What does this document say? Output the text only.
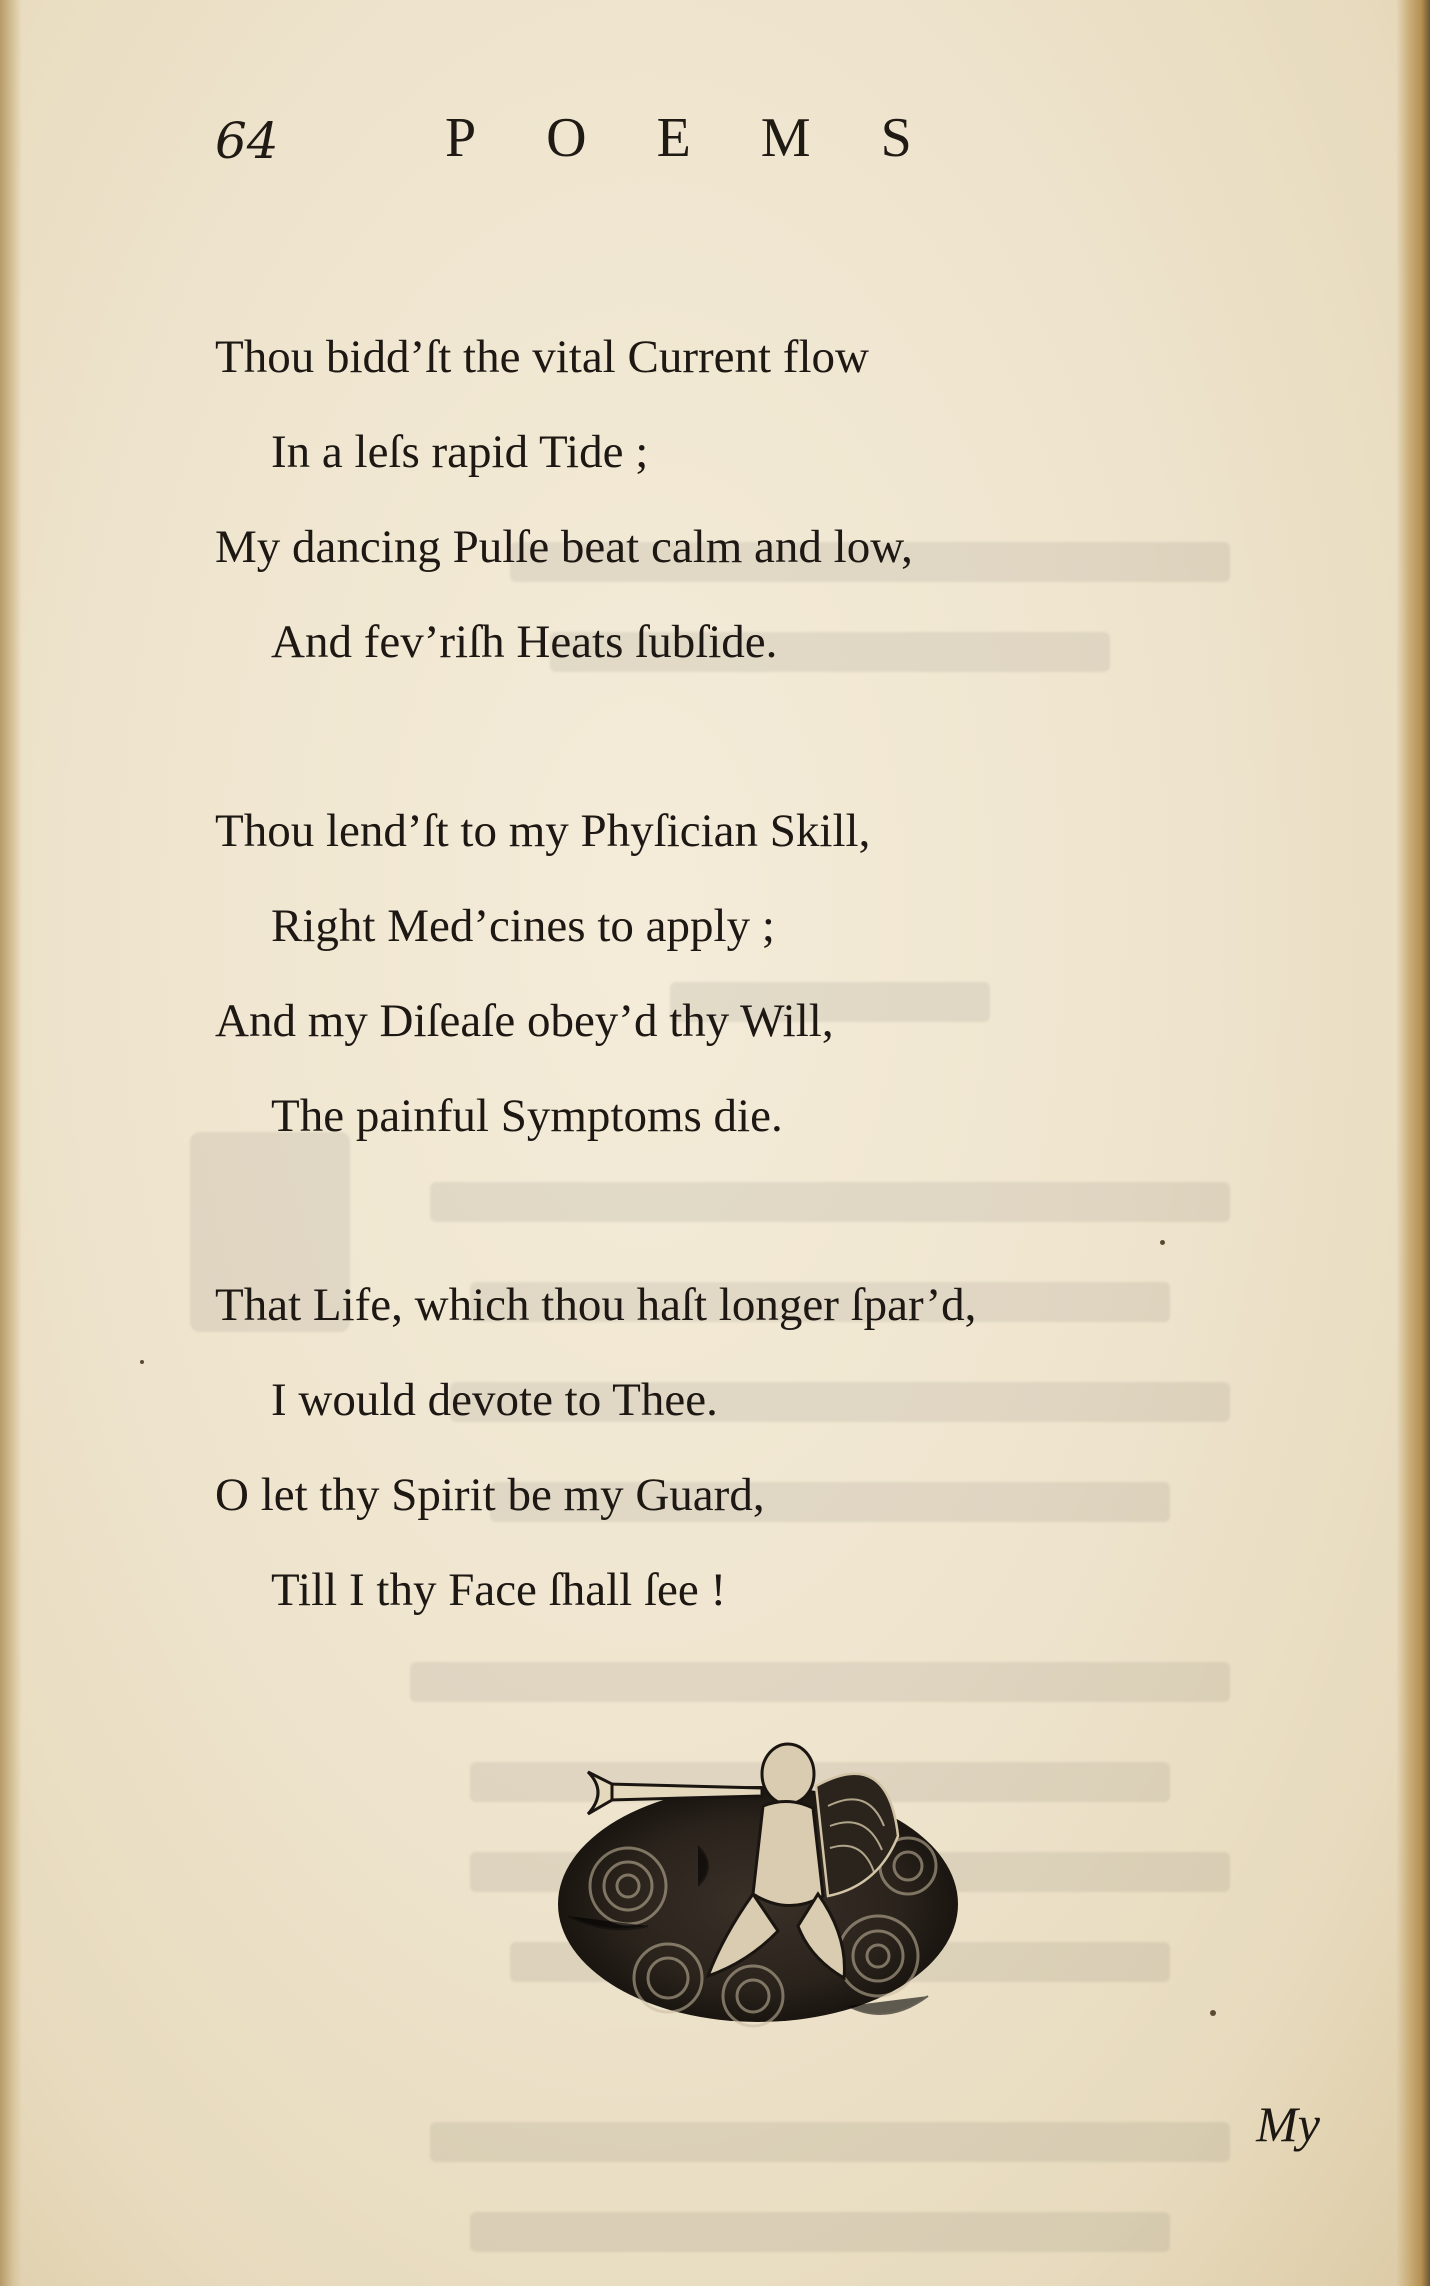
64	POEMS
Thou bidd’ſt the vital Current flow
In a leſs rapid Tide ;
My dancing Pulſe beat calm and low,
And fev’riſh Heats ſubſide.
Thou lend’ſt to my Phyſician Skill,
Right Med’cines to apply ;
And my Diſeaſe obey’d thy Will,
The painful Symptoms die.
That Life, which thou haſt longer ſpar’d,
I would devote to Thee.
O let thy Spirit be my Guard,
Till I thy Face ſhall ſee !
My
